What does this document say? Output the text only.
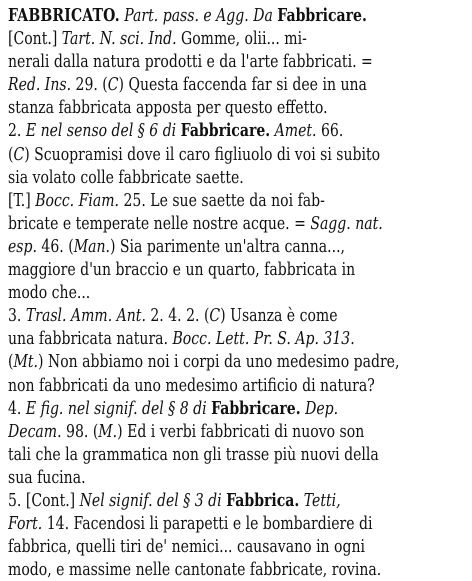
FABBRICATO. Part. pass. e Agg. Da Fabbricare.
[Cont.] Tart. N. sci. Ind. Gomme, olii... mi-
nerali dalla natura prodotti e da l'arte fabbricati. =
Red. Ins. 29. (C) Questa faccenda far si dee in una
stanza fabbricata apposta per questo effetto.
2. E nel senso del § 6 di Fabbricare. Amet. 66.
(C) Scuopramisi dove il caro figliuolo di voi si subito
sia volato colle fabbricate saette.
[T.] Bocc. Fiam. 25. Le sue saette da noi fab-
bricate e temperate nelle nostre acque. = Sagg. nat.
esp. 46. (Man.) Sia parimente un'altra canna...,
maggiore d'un braccio e un quarto, fabbricata in
modo che...
3. Trasl. Amm. Ant. 2. 4. 2. (C) Usanza è come
una fabbricata natura. Bocc. Lett. Pr. S. Ap. 313.
(Mt.) Non abbiamo noi i corpi da uno medesimo padre,
non fabbricati da uno medesimo artificio di natura?
4. E fig. nel signif. del § 8 di Fabbricare. Dep.
Decam. 98. (M.) Ed i verbi fabbricati di nuovo son
tali che la grammatica non gli trasse più nuovi della
sua fucina.
5. [Cont.] Nel signif. del § 3 di Fabbrica. Tetti,
Fort. 14. Facendosi li parapetti e le bombardiere di
fabbrica, quelli tiri de' nemici... causavano in ogni
modo, e massime nelle cantonate fabbricate, rovina.
